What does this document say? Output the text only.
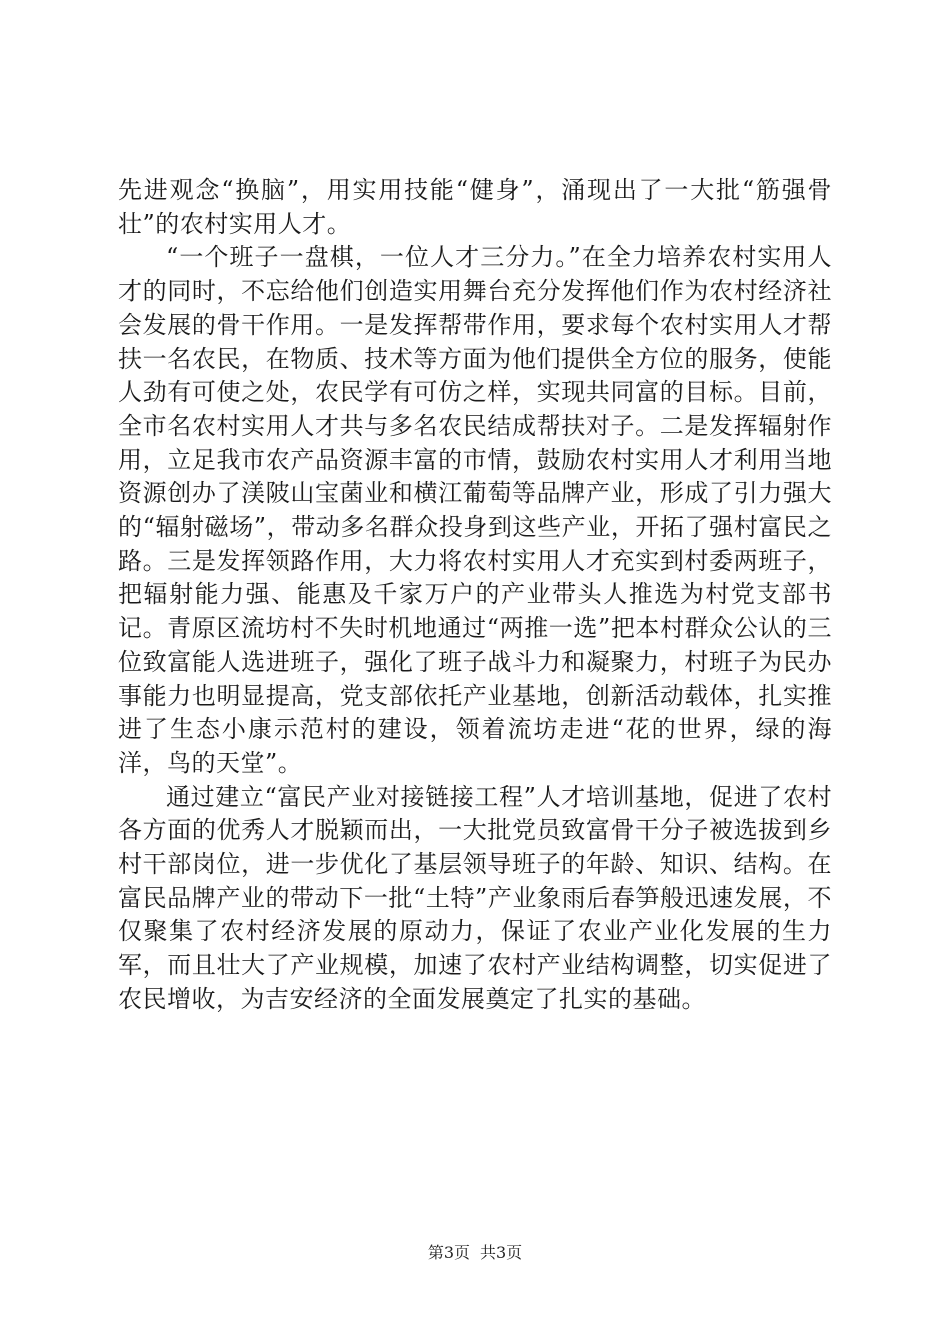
先进观念“换脑”，用实用技能“健身”，涌现出了一大批“筋强骨壮”的农村实用人才。

“一个班子一盘棋，一位人才三分力。”在全力培养农村实用人才的同时，不忘给他们创造实用舞台充分发挥他们作为农村经济社会发展的骨干作用。一是发挥帮带作用，要求每个农村实用人才帮扶一名农民，在物质、技术等方面为他们提供全方位的服务，使能人劲有可使之处，农民学有可仿之样，实现共同富的目标。目前，全市名农村实用人才共与多名农民结成帮扶对子。二是发挥辐射作用，立足我市农产品资源丰富的市情，鼓励农村实用人才利用当地资源创办了渼陂山宝菌业和横江葡萄等品牌产业，形成了引力强大的“辐射磁场”，带动多名群众投身到这些产业，开拓了强村富民之路。三是发挥领路作用，大力将农村实用人才充实到村委两班子，把辐射能力强、能惠及千家万户的产业带头人推选为村党支部书记。青原区流坊村不失时机地通过“两推一选”把本村群众公认的三位致富能人选进班子，强化了班子战斗力和凝聚力，村班子为民办事能力也明显提高，党支部依托产业基地，创新活动载体，扎实推进了生态小康示范村的建设，领着流坊走进“花的世界，绿的海洋，鸟的天堂”。

通过建立“富民产业对接链接工程”人才培训基地，促进了农村各方面的优秀人才脱颖而出，一大批党员致富骨干分子被选拔到乡村干部岗位，进一步优化了基层领导班子的年龄、知识、结构。在富民品牌产业的带动下一批“土特”产业象雨后春笋般迅速发展，不仅聚集了农村经济发展的原动力，保证了农业产业化发展的生力军，而且壮大了产业规模，加速了农村产业结构调整，切实促进了农民增收，为吉安经济的全面发展奠定了扎实的基础。

第3页 共3页
